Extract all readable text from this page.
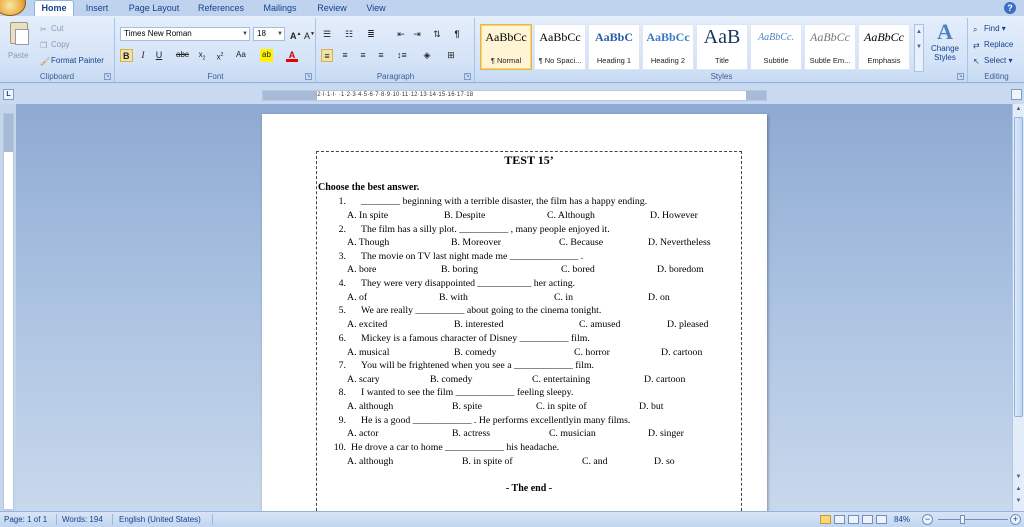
Home	Insert	Page Layout	References	Mailings	Review	View	?
Paste
✂ Cut
❐ Copy
🖌Format Painter
Clipboard	↘
Times New Roman	▼	18 ▼ A▲ A▼
B	I	U	abc	$x_2$	$x^2$	Aa ab	A
Font	↘
☰ ☷ ≣ ⇤ ⇥ ⇅	¶
≡	≡	≡	≡	↕≡ ◈ ⊞
Paragraph	↘	Styles	↘
AaBbCc
¶ Normal
AaBbCc
¶ No Spaci...
AaBbC
Heading 1
AaBbCc
Heading 2
AaB
Title
AaBbCc.
Subtitle
AaBbCc
Subtle Em...
AaBbCc
Emphasis
▲
▼
A
Change Styles
⌕ Find ▾
⇄ Replace
↖ Select ▾
Editing
L	·2·I·1·I· ·1·2·3·4·5·6·7·8·9·10·11·12·13·14·15·16·17·18
▲
▼
▲
▼
TEST 15’
Choose the best answer.
1. ________ beginning with a terrible disaster, the film has a happy ending.
A. In spite	B. Despite	C. Although	D. However
2. The film has a silly plot. __________ , many people enjoyed it.
A. Though	B. Moreover	C. Because	D. Nevertheless
3. The movie on TV last night made me ______________ .
A. bore	B. boring	C. bored	D. boredom
4. They were very disappointed ___________ her acting.
A. of	B. with	C. in	D. on
5. We are really __________ about going to the cinema tonight.
A. excited	B. interested	C. amused	D. pleased
6. Mickey is a famous character of Disney __________ film.
A. musical	B. comedy	C. horror	D. cartoon
7. You will be frightened when you see a ____________ film.
A. scary	B. comedy	C. entertaining	D. cartoon
8. I wanted to see the film ____________ feeling sleepy.
A. although	B. spite	C. in spite of	D. but
9. He is a good ____________ . He performs excellentlyin many films.
A. actor	B. actress	C. musician	D. singer
10. He drove a car to home ____________ his headache.
A. although	B. in spite of	C. and	D. so
- The end -
Page: 1 of 1 Words: 194 English (United States)	84%	−	+
